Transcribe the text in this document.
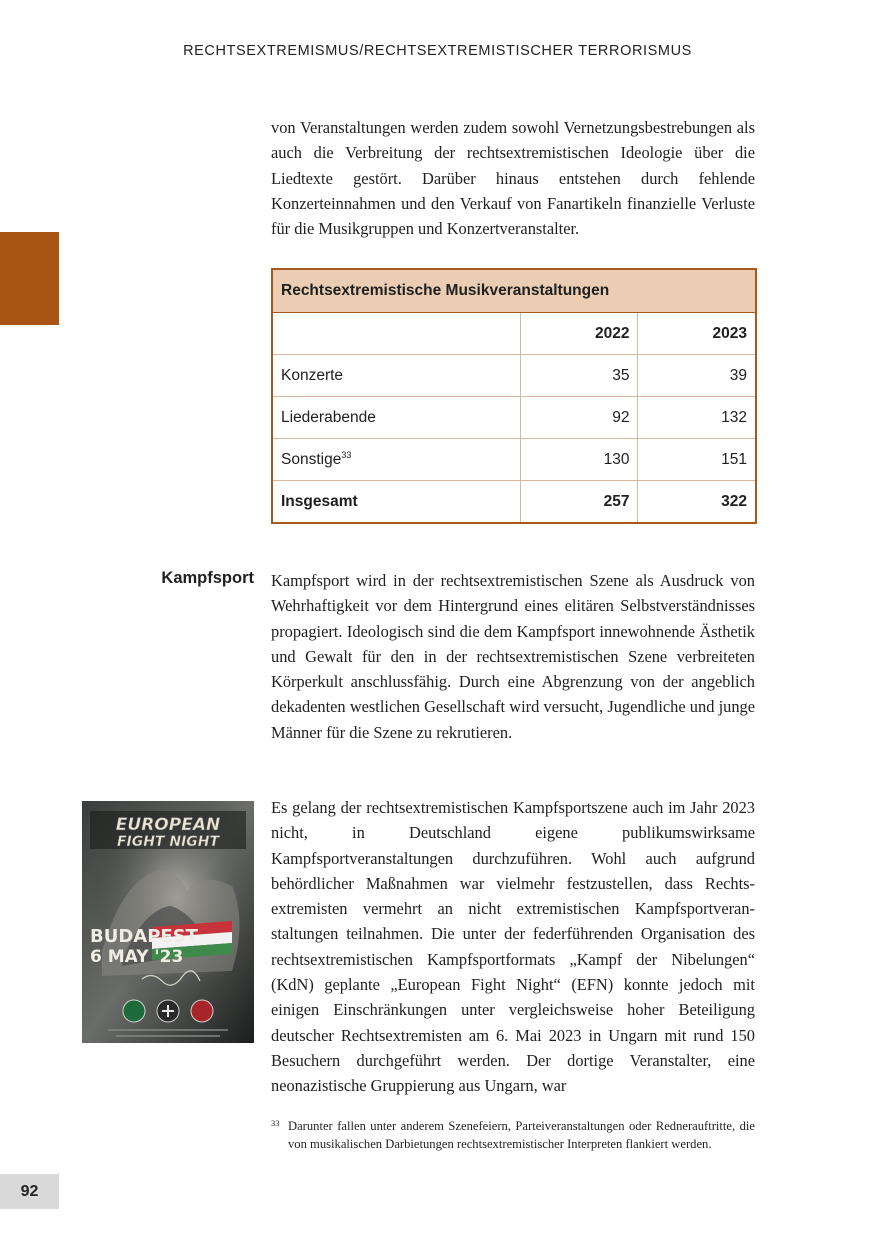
RECHTSEXTREMISMUS/RECHTSEXTREMISTISCHER TERRORISMUS
von Veranstaltungen werden zudem sowohl Vernetzungsbestrebungen als auch die Verbreitung der rechtsextremistischen Ideologie über die Liedtexte gestört. Darüber hinaus entstehen durch fehlende Konzerteinnahmen und den Verkauf von Fanartikeln finanzielle Verluste für die Musikgruppen und Konzertveranstalter.
Rechtsextremistische Musikveranstaltungen		
	2022	2023
Konzerte	35	39
Liederabende	92	132
Sonstige$^{33}$	130	151
Insgesamt	257	322
Kampfsport Kampfsport wird in der rechtsextremistischen Szene als Ausdruck von Wehrhaftigkeit vor dem Hintergrund eines elitären Selbstverständnisses propagiert. Ideologisch sind die dem Kampfsport innewohnende Ästhetik und Gewalt für den in der rechtsextremistischen Szene verbreiteten Körperkult anschlussfähig. Durch eine Abgrenzung von der angeblich dekadenten westlichen Gesellschaft wird versucht, Jugendliche und junge Männer für die Szene zu rekrutieren.
EUROPEAN
FIGHT NIGHT
BUDAPEST
6 MAY '23
Es gelang der rechtsextremistischen Kampfsportszene auch im Jahr 2023 nicht, in Deutschland eigene publikumswirksame Kampfsportveranstaltungen durchzuführen. Wohl auch aufgrund behördlicher Maßnahmen war vielmehr festzustellen, dass Rechtsextremisten vermehrt an nicht extremistischen Kampfsportveranstaltungen teilnahmen. Die unter der federführenden Organisation des rechtsextremistischen Kampfsportformats „Kampf der Nibelungen“ (KdN) geplante „European Fight Night“ (EFN) konnte jedoch mit einigen Einschränkungen unter vergleichsweise hoher Beteiligung deutscher Rechtsextremisten am 6. Mai 2023 in Ungarn mit rund 150 Besuchern durchgeführt werden. Der dortige Veranstalter, eine neonazistische Gruppierung aus Ungarn, war
33 Darunter fallen unter anderem Szenefeiern, Parteiveranstaltungen oder Rednerauftritte, die von musikalischen Darbietungen rechtsextremistischer Interpreten flankiert werden.
92
